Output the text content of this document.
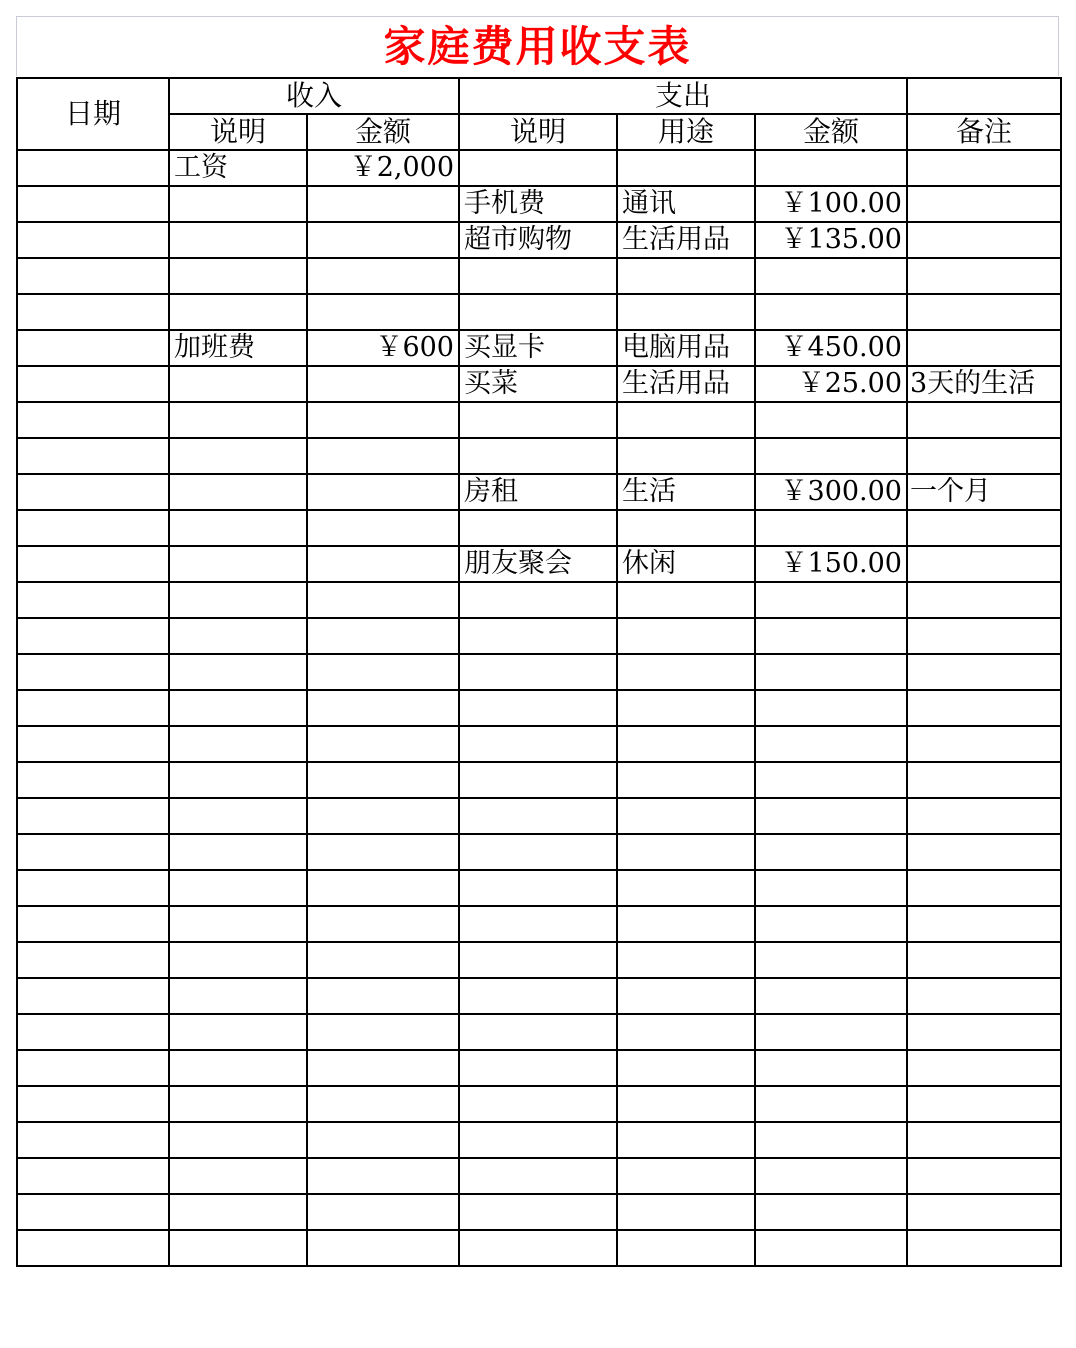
家庭费用收支表
日期	收入		支出			
	说明	金额	说明	用途	金额	备注
	工资	￥2,000				
			手机费	通讯	￥100.00	
			超市购物	生活用品	￥135.00	

	加班费	￥600	买显卡	电脑用品	￥450.00	
			买菜	生活用品	￥25.00	3天的生活

			房租	生活	￥300.00	一个月

			朋友聚会	休闲	￥150.00	
